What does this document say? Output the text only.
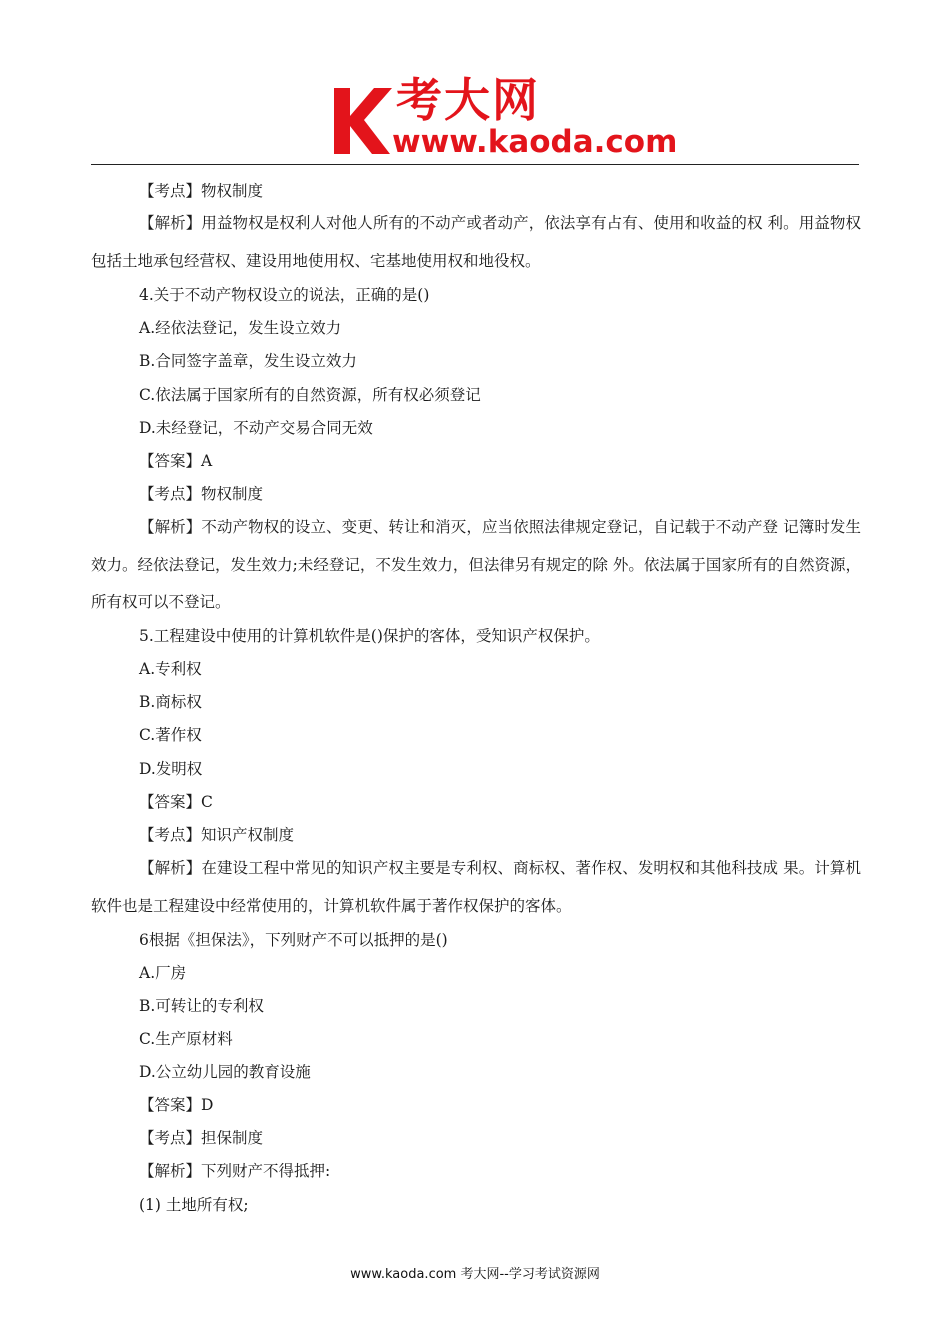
考大网
www.kaoda.com
【考点】物权制度
【解析】用益物权是权利人对他人所有的不动产或者动产，依法享有占有、使用和收益的权 利。用益物权包括土地承包经营权、建设用地使用权、宅基地使用权和地役权。
4.关于不动产物权设立的说法，正确的是()
A.经依法登记，发生设立效力
B.合同签字盖章，发生设立效力
C.依法属于国家所有的自然资源，所有权必须登记
D.未经登记，不动产交易合同无效
【答案】A
【考点】物权制度
【解析】不动产物权的设立、变更、转让和消灭，应当依照法律规定登记，自记载于不动产登 记簿时发生效力。经依法登记，发生效力;未经登记，不发生效力，但法律另有规定的除 外。依法属于国家所有的自然资源，所有权可以不登记。
5.工程建设中使用的计算机软件是()保护的客体，受知识产权保护。
A.专利权
B.商标权
C.著作权
D.发明权
【答案】C
【考点】知识产权制度
【解析】在建设工程中常见的知识产权主要是专利权、商标权、著作权、发明权和其他科技成 果。计算机软件也是工程建设中经常使用的，计算机软件属于著作权保护的客体。
6根据《担保法》，下列财产不可以抵押的是()
A.厂房
B.可转让的专利权
C.生产原材料
D.公立幼儿园的教育设施
【答案】D
【考点】担保制度
【解析】下列财产不得抵押:
(1) 土地所有权;
www.kaoda.com 考大网--学习考试资源网
